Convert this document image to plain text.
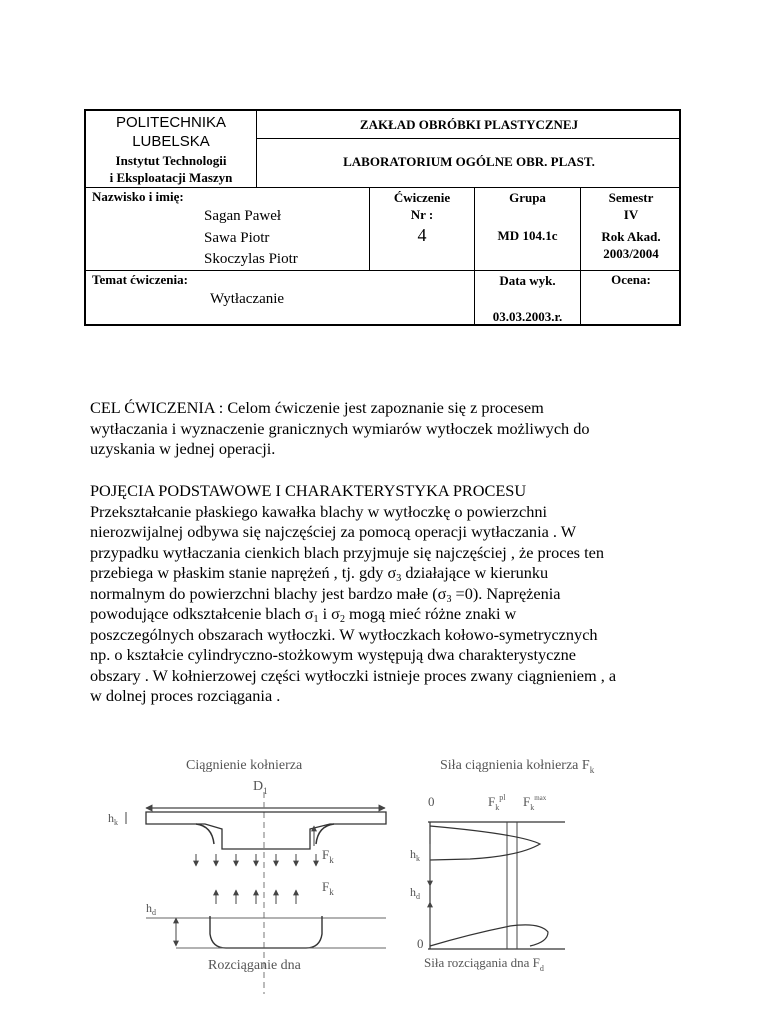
POLITECHNIKA
LUBELSKA
Instytut Technologii
i Eksploatacji Maszyn
ZAKŁAD OBRÓBKI PLASTYCZNEJ
LABORATORIUM OGÓLNE OBR. PLAST.
Nazwisko i imię:
Sagan Paweł
Sawa Piotr
Skoczylas Piotr
Ćwiczenie
Nr :
4
Grupa
MD 104.1c
Semestr
IV
Rok Akad.
2003/2004
Temat ćwiczenia:
Wytłaczanie
Data wyk.
03.03.2003.r.
Ocena:

CEL ĆWICZENIA : Celom ćwiczenie jest zapoznanie się z procesem

wytłaczania i wyznaczenie granicznych wymiarów wytłoczek możliwych do

uzyskania w jednej operacji.

POJĘCIA PODSTAWOWE I CHARAKTERYSTYKA PROCESU

Przekształcanie płaskiego kawałka blachy w wytłoczkę o powierzchni

nierozwijalnej odbywa się najczęściej za pomocą operacji wytłaczania . W

przypadku wytłaczania cienkich blach przyjmuje się najczęściej , że proces ten

przebiega w płaskim stanie naprężeń , tj. gdy $\sigma_3$ działające w kierunku

normalnym do powierzchni blachy jest bardzo małe $(\sigma_3 =0)$. Naprężenia

powodujące odkształcenie blach $\sigma_1$ i $\sigma_2$ mogą mieć różne znaki w

poszczególnych obszarach wytłoczki. W wytłoczkach kołowo-symetrycznych

np. o kształcie cylindryczno-stożkowym występują dwa charakterystyczne

obszary . W kołnierzowej części wytłoczki istnieje proces zwany ciągnieniem , a

w dolnej proces rozciągania .

Ciągnienie kołnierza
$D_1$
$h_k$
$F_k$
$F_k$
$h_d$
Rozciąganie dna
Siła ciągnienia kołnierza $F_k$
0	$F_k^{pl}$ $F_k^{max}$
$h_k$
$h_d$
0
Siła rozciągania dna $F_d$
